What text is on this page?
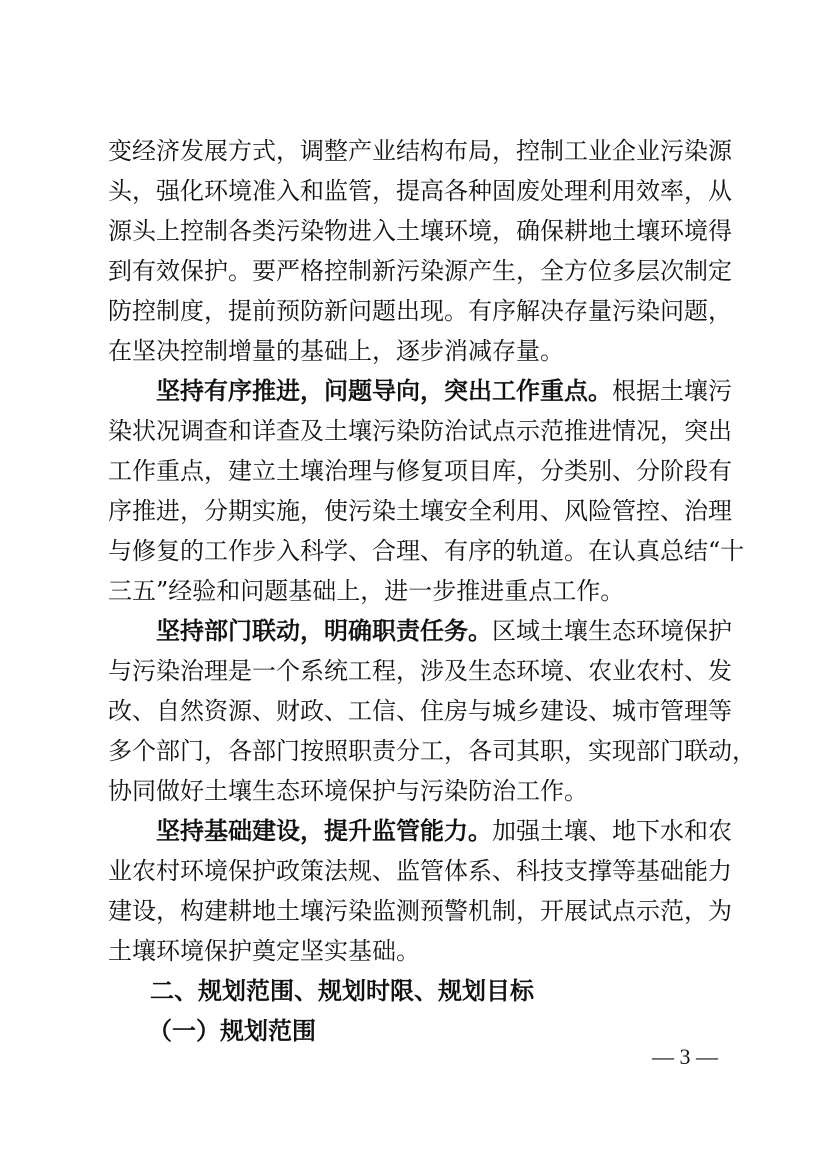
变经济发展方式，调整产业结构布局，控制工业企业污染源
头，强化环境准入和监管，提高各种固废处理利用效率，从
源头上控制各类污染物进入土壤环境，确保耕地土壤环境得
到有效保护。要严格控制新污染源产生，全方位多层次制定
防控制度，提前预防新问题出现。有序解决存量污染问题，
在坚决控制增量的基础上，逐步消减存量。
坚持有序推进，问题导向，突出工作重点。根据土壤污
染状况调查和详查及土壤污染防治试点示范推进情况，突出
工作重点，建立土壤治理与修复项目库，分类别、分阶段有
序推进，分期实施，使污染土壤安全利用、风险管控、治理
与修复的工作步入科学、合理、有序的轨道。在认真总结“十
三五”经验和问题基础上，进一步推进重点工作。
坚持部门联动，明确职责任务。区域土壤生态环境保护
与污染治理是一个系统工程，涉及生态环境、农业农村、发
改、自然资源、财政、工信、住房与城乡建设、城市管理等
多个部门，各部门按照职责分工，各司其职，实现部门联动，
协同做好土壤生态环境保护与污染防治工作。
坚持基础建设，提升监管能力。加强土壤、地下水和农
业农村环境保护政策法规、监管体系、科技支撑等基础能力
建设，构建耕地土壤污染监测预警机制，开展试点示范，为
土壤环境保护奠定坚实基础。
二、规划范围、规划时限、规划目标
（一）规划范围
— 3 —
